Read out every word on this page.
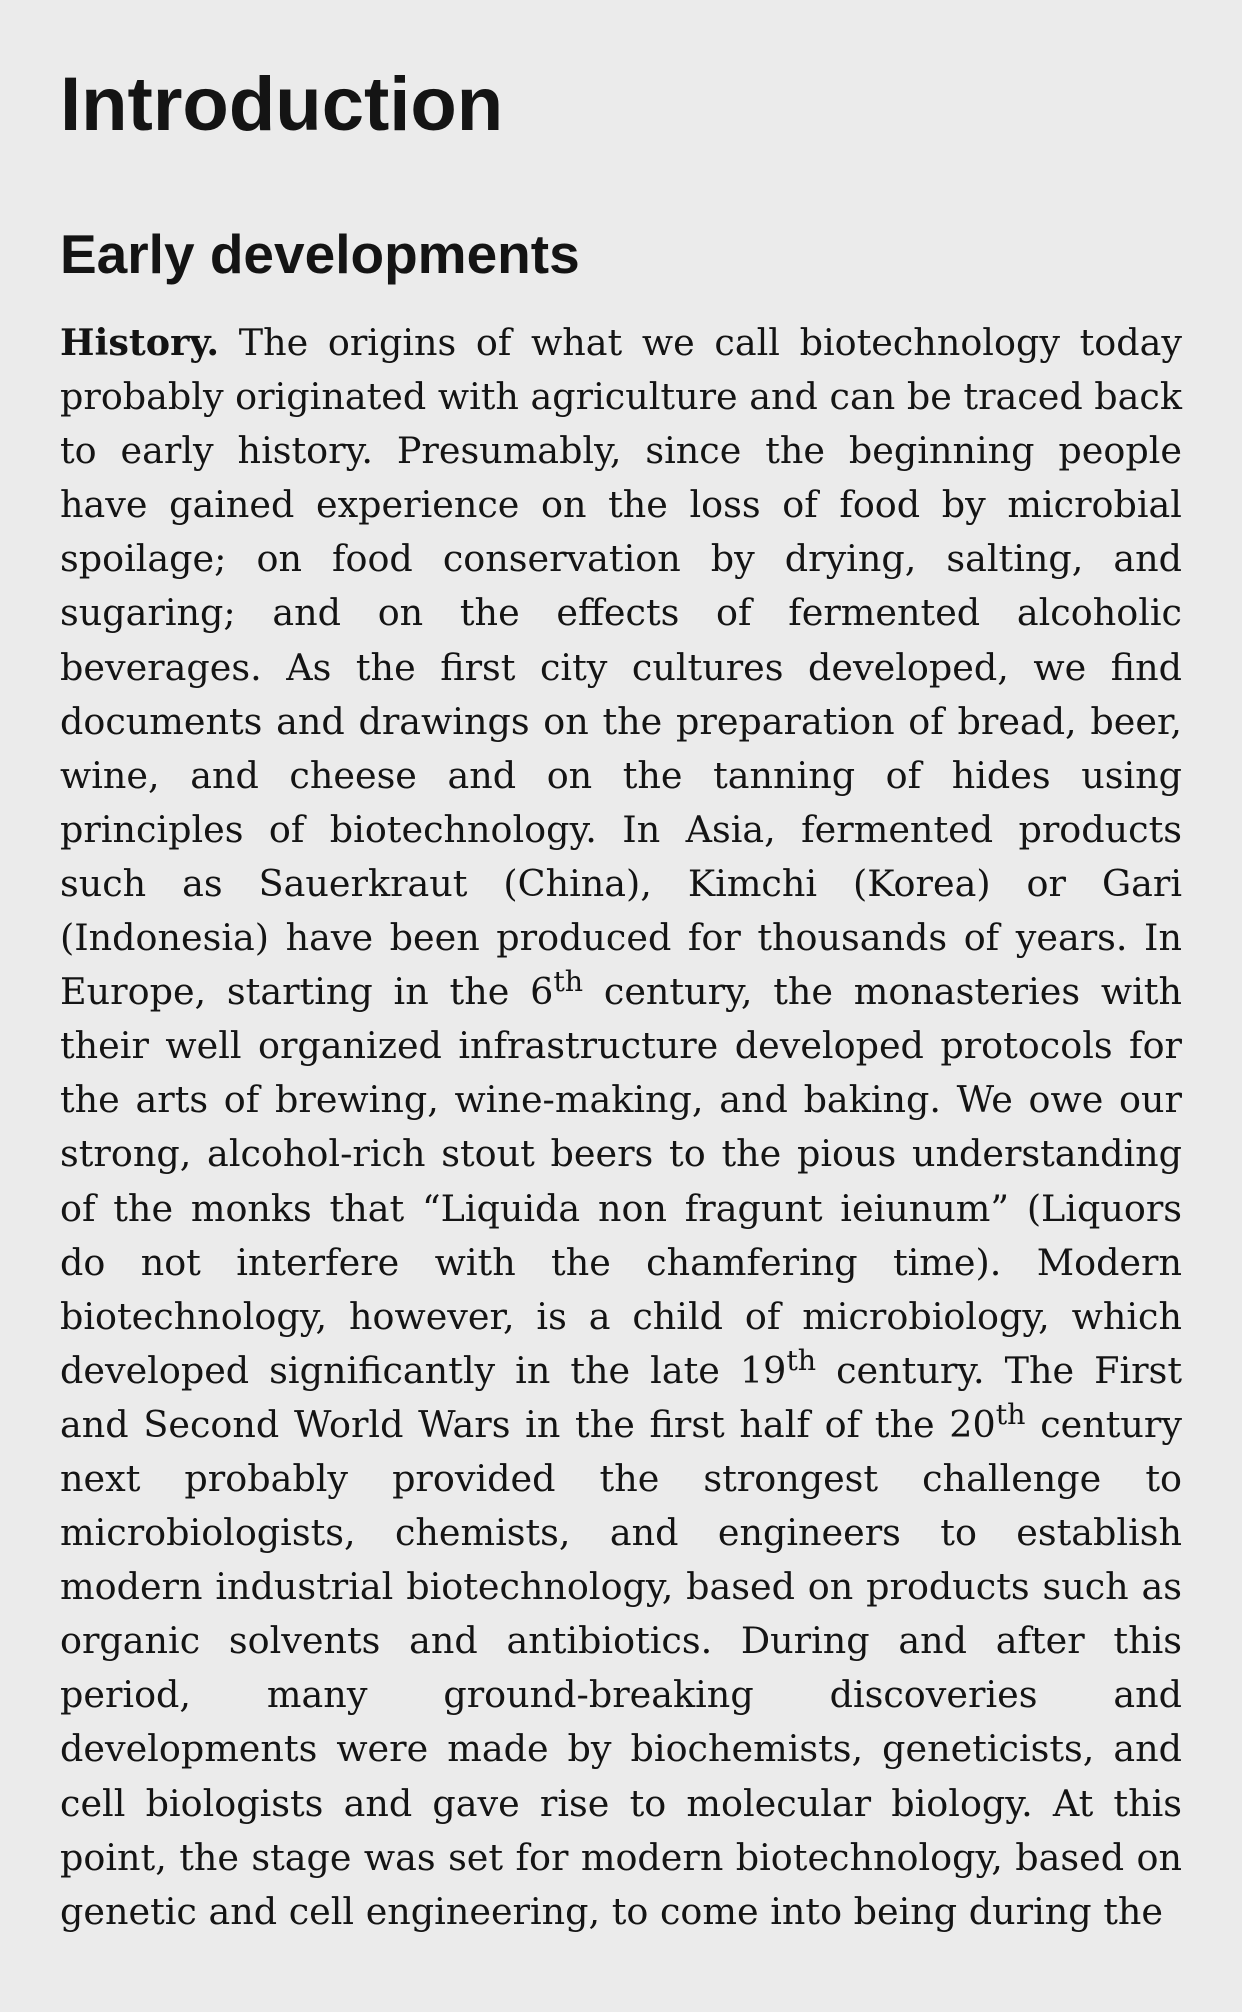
Introduction
Early developments

History. The origins of what we call biotechnology today probably originated with agriculture and can be traced back to early history. Presumably, since the beginning people have gained experience on the loss of food by microbial spoilage; on food conservation by drying, salting, and sugaring; and on the effects of fermented alcoholic beverages. As the first city cultures developed, we find documents and drawings on the preparation of bread, beer, wine, and cheese and on the tanning of hides using principles of biotechnology. In Asia, fermented products such as Sauerkraut (China), Kimchi (Korea) or Gari (Indonesia) have been produced for thousands of years. In Europe, starting in the 6th century, the monasteries with their well organized infrastructure developed protocols for the arts of brewing, wine-making, and baking. We owe our strong, alcohol-rich stout beers to the pious understanding of the monks that “Liquida non fragunt ieiunum” (Liquors do not interfere with the chamfering time). Modern biotechnology, however, is a child of microbiology, which developed significantly in the late 19th century. The First and Second World Wars in the first half of the 20th century next probably provided the strongest challenge to microbiologists, chemists, and engineers to establish modern industrial biotechnology, based on products such as organic solvents and antibiotics. During and after this period, many ground-breaking discoveries and developments were made by biochemists, geneticists, and cell biologists and gave rise to molecular biology. At this point, the stage was set for modern biotechnology, based on genetic and cell engineering, to come into being during the
